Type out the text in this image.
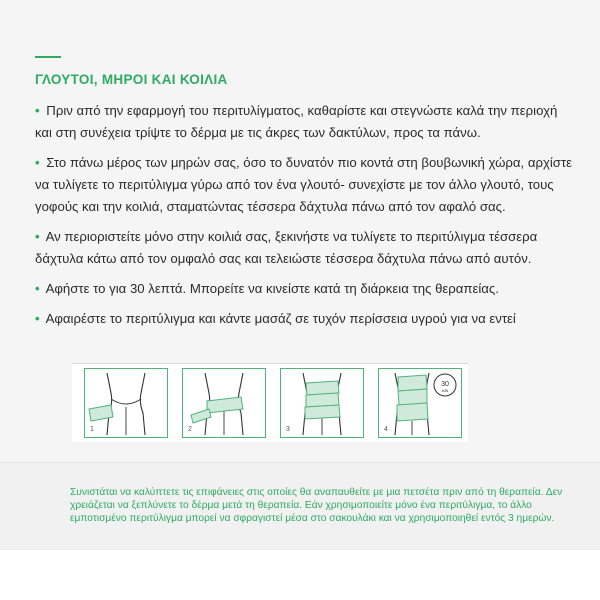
ΓΛΟΥΤΟΙ, ΜΗΡΟΙ ΚΑΙ ΚΟΙΛΙΑ
• Πριν από την εφαρμογή του περιτυλίγματος, καθαρίστε και στεγνώστε καλά την περιοχή και στη συνέχεια τρίψτε το δέρμα με τις άκρες των δακτύλων, προς τα πάνω.
• Στο πάνω μέρος των μηρών σας, όσο το δυνατόν πιο κοντά στη βουβωνική χώρα, αρχίστε να τυλίγετε το περιτύλιγμα γύρω από τον ένα γλουτό- συνεχίστε με τον άλλο γλουτό, τους γοφούς και την κοιλιά, σταματώντας τέσσερα δάχτυλα πάνω από τον αφαλό σας.
• Αν περιοριστείτε μόνο στην κοιλιά σας, ξεκινήστε να τυλίγετε το περιτύλιγμα τέσσερα δάχτυλα κάτω από τον ομφαλό σας και τελειώστε τέσσερα δάχτυλα πάνω από αυτόν.
• Αφήστε το για 30 λεπτά. Μπορείτε να κινείστε κατά τη διάρκεια της θεραπείας.
• Αφαιρέστε το περιτύλιγμα και κάντε μασάζ σε τυχόν περίσσεια υγρού για να εντεί
1	2	3
30
MIN
4

Συνιστάται να καλύπτετε τις επιφάνειες στις οποίες θα αναπαυθείτε με μια πετσέτα πριν από τη θεραπεία. Δεν χρειάζεται να ξεπλύνετε το δέρμα μετά τη θεραπεία. Εάν χρησιμοποιείτε μόνο ένα περιτύλιγμα, το άλλο εμποτισμένο περιτύλιγμα μπορεί να σφραγιστεί μέσα στο σακουλάκι και να χρησιμοποιηθεί εντός 3 ημερών.
